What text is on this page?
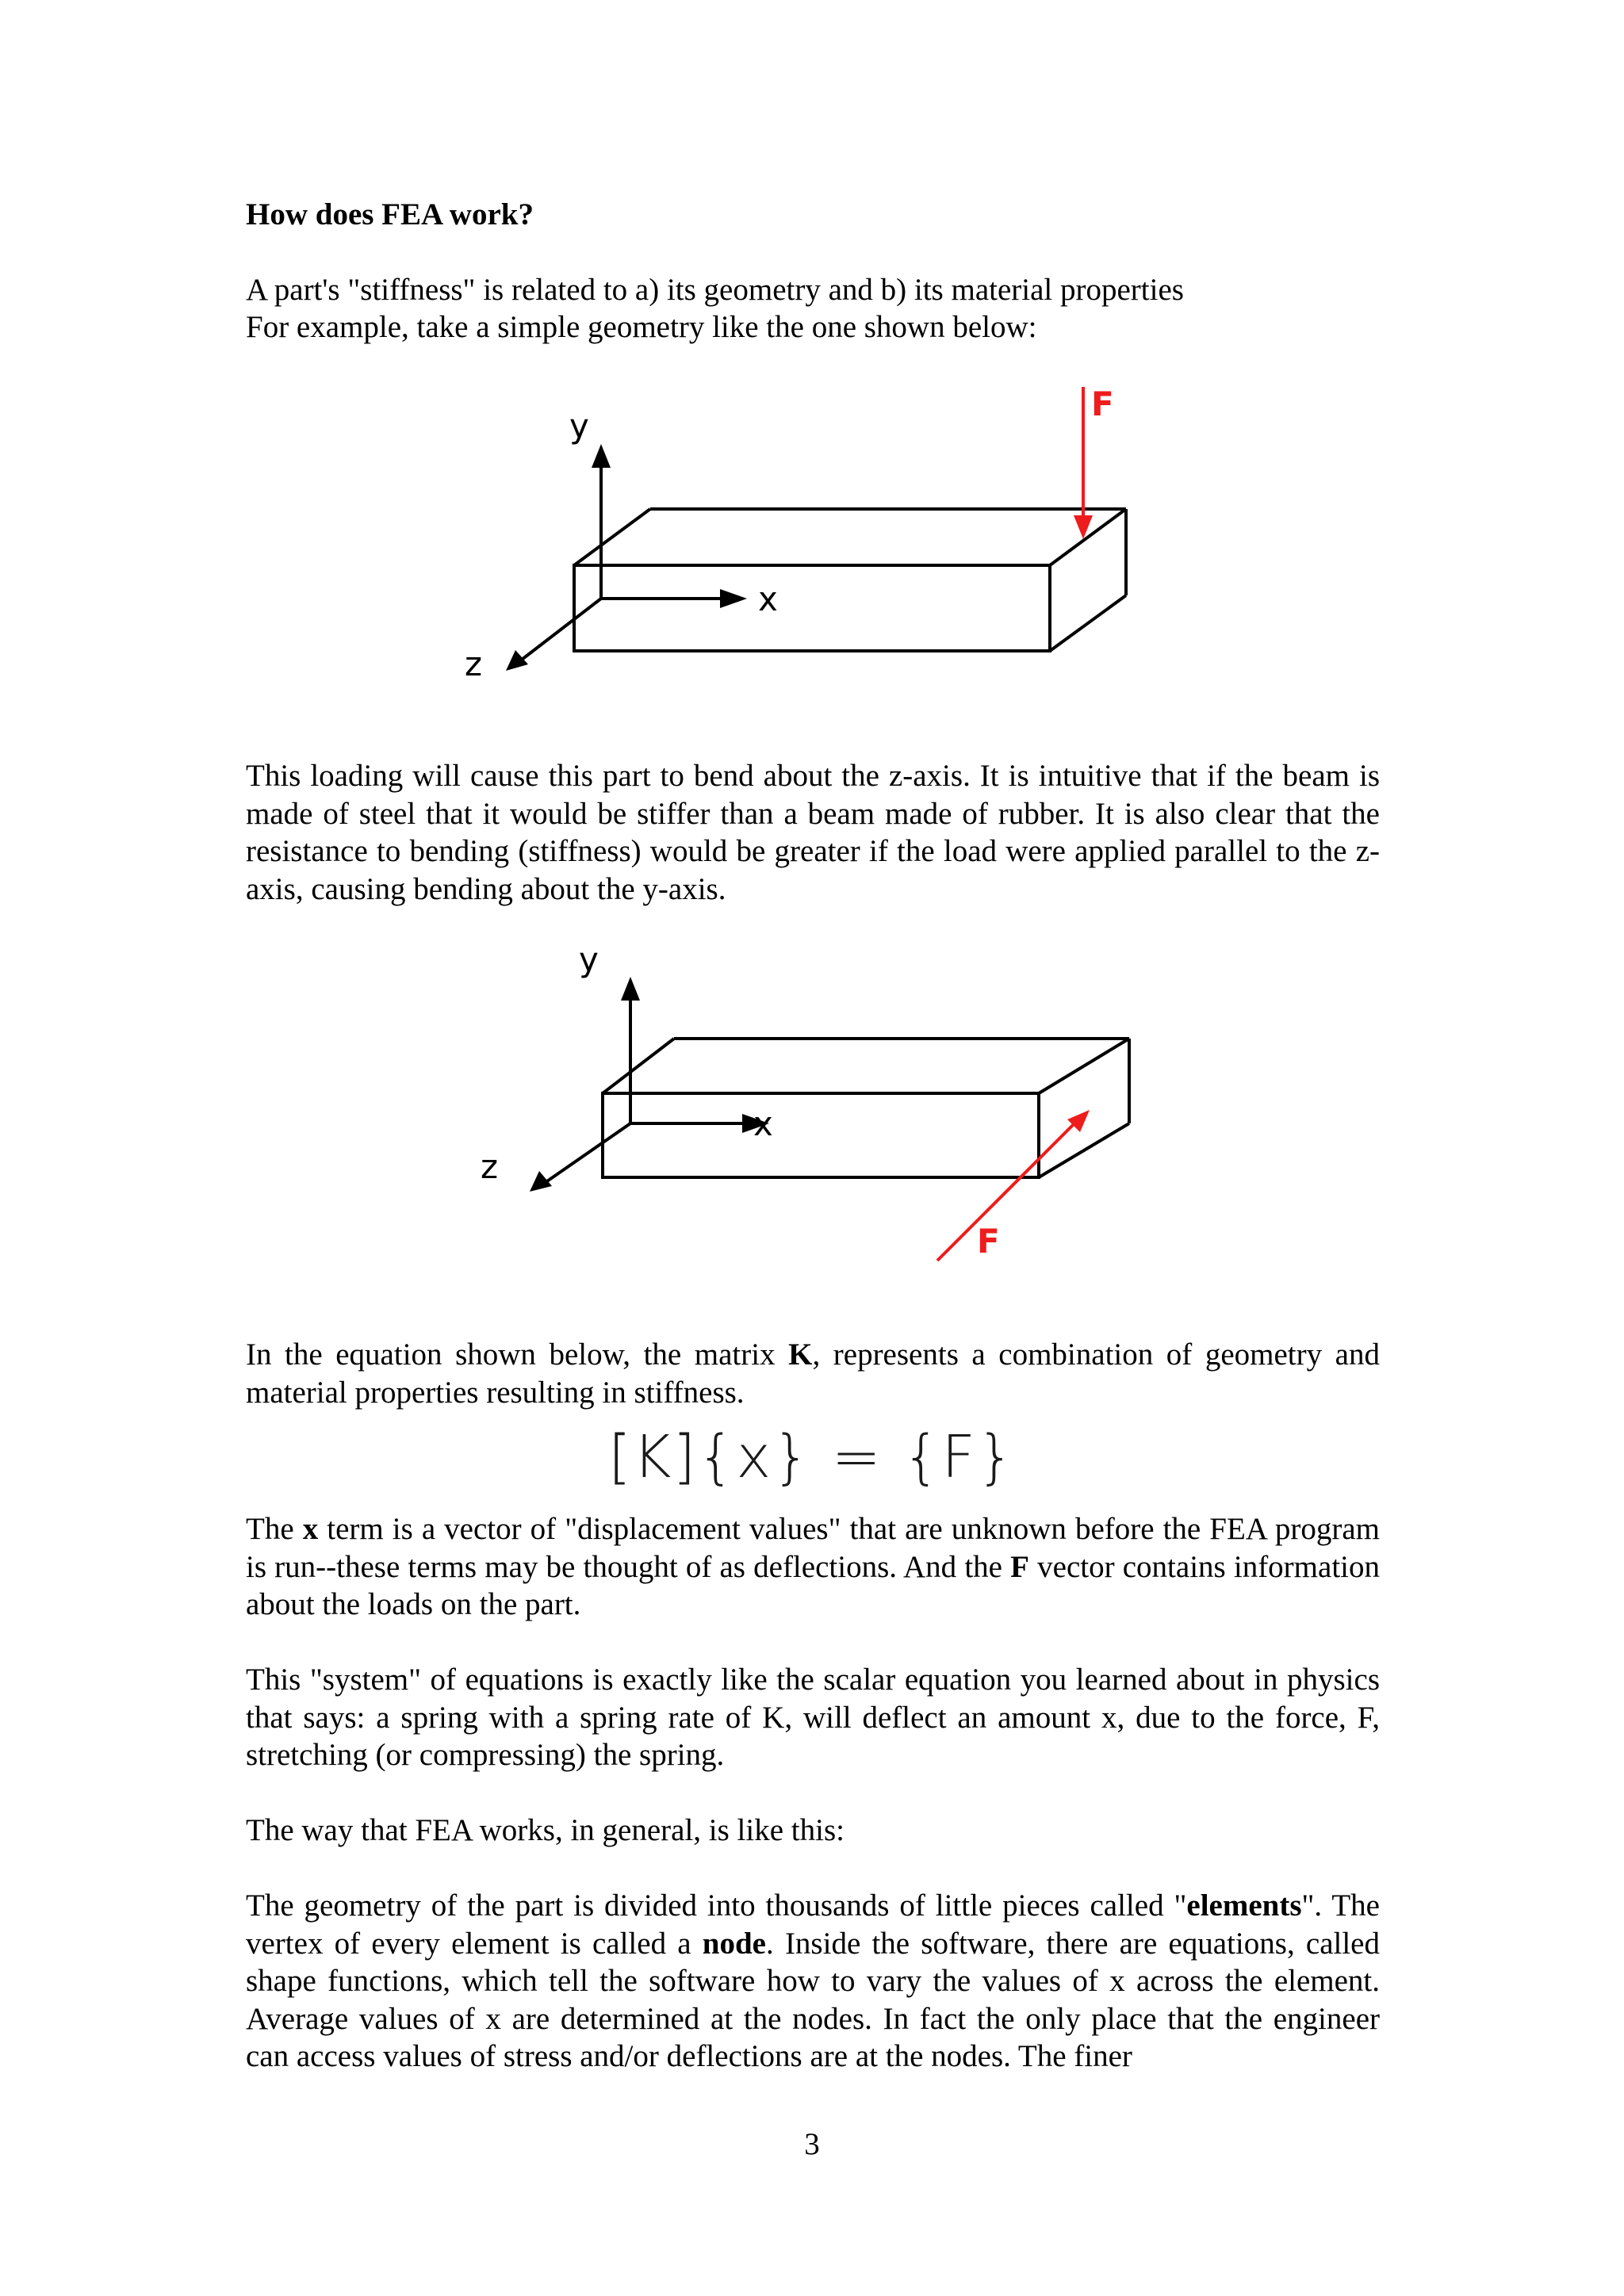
How does FEA work?

A part's "stiffness" is related to a) its geometry and b) its material properties

For example, take a simple geometry like the one shown below:

y
x
z
F

This loading will cause this part to bend about the z-axis. It is intuitive that if the beam is made of steel that it would be stiffer than a beam made of rubber. It is also clear that the resistance to bending (stiffness) would be greater if the load were applied parallel to the z-axis, causing bending about the y-axis.

y
x
z
F

In the equation shown below, the matrix K, represents a combination of geometry and material properties resulting in stiffness.

[K]{x} = {F}

The x term is a vector of "displacement values" that are unknown before the FEA program is run--these terms may be thought of as deflections. And the F vector contains information about the loads on the part.

This "system" of equations is exactly like the scalar equation you learned about in physics that says: a spring with a spring rate of K, will deflect an amount x, due to the force, F, stretching (or compressing) the spring.

The way that FEA works, in general, is like this:

The geometry of the part is divided into thousands of little pieces called "elements". The vertex of every element is called a node. Inside the software, there are equations, called shape functions, which tell the software how to vary the values of x across the element. Average values of x are determined at the nodes. In fact the only place that the engineer can access values of stress and/or deflections are at the nodes. The finer

3
